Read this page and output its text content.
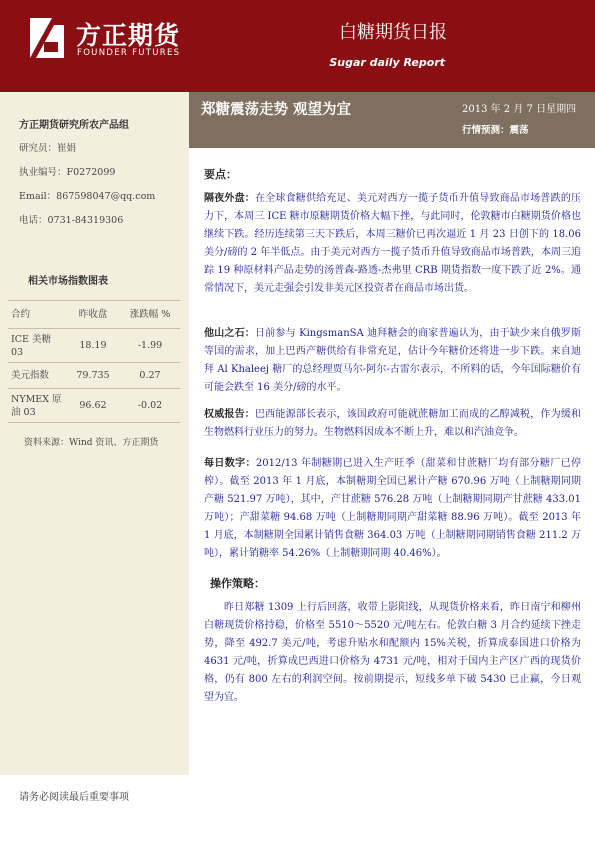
方正期货
FOUNDER FUTURES
白糖期货日报
Sugar daily Report
方正期货研究所农产品组
研究员：崔娟
执业编号：F0272099
Email：867598047@qq.com
电话：0731-84319306
相关市场指数图表
合约	昨收盘	涨跌幅 %
ICE 美糖 03	18.19	-1.99
美元指数	79.735	0.27
NYMEX 原油 03	96.62	-0.02
资料来源：Wind 资讯、方正期货
郑糖震荡走势 观望为宜	2013 年 2 月 7 日星期四
行情预测：震荡
要点：

隔夜外盘：在全球食糖供给充足、美元对西方一揽子货币升值导致商品市场普跌的压力下，本周三 ICE 糖市原糖期货价格大幅下挫，与此同时，伦敦糖市白糖期货价格也继续下跌。经历连续第三天下跌后，本周三糖价已再次逼近 1 月 23 日创下的 18.06 美分/磅的 2 年半低点。由于美元对西方一揽子货币升值导致商品市场普跌，本周三追踪 19 种原材料产品走势的汤普森-路透-杰弗里 CRB 期货指数一度下跌了近 2%。通常情况下，美元走强会引发非美元区投资者在商品市场出货。

他山之石：日前参与 KingsmanSA 迪拜糖会的商家普遍认为，由于缺少来自俄罗斯等国的需求，加上巴西产糖供给有非常充足，估计今年糖价还将进一步下跌。来自迪拜 Al Khaleej 糖厂的总经理贾马尔-阿尔-古雷尔表示，不所料的话，今年国际糖价有可能会跌至 16 美分/磅的水平。

权威报告：巴西能源部长表示，该国政府可能就蔗糖加工而成的乙醇减税，作为缓和生物燃料行业压力的努力。生物燃料因成本不断上升，难以和汽油竞争。

每日数字：2012/13 年制糖期已进入生产旺季（甜菜和甘蔗糖厂均有部分糖厂已停榨）。截至 2013 年 1 月底，本制糖期全国已累计产糖 670.96 万吨（上制糖期同期产糖 521.97 万吨），其中，产甘蔗糖 576.28 万吨（上制糖期同期产甘蔗糖 433.01 万吨）；产甜菜糖 94.68 万吨（上制糖期同期产甜菜糖 88.96 万吨）。截至 2013 年 1 月底，本制糖期全国累计销售食糖 364.03 万吨（上制糖期同期销售食糖 211.2 万吨），累计销糖率 54.26%（上制糖期同期 40.46%）。

操作策略：

昨日郑糖 1309 上行后回落，收带上影阳线，从现货价格来看，昨日南宁和柳州白糖现货价格持稳，价格至 5510～5520 元/吨左右。伦敦白糖 3 月合约延续下挫走势，降至 492.7 美元/吨，考虑升贴水和配额内 15%关税，折算成泰国进口价格为 4631 元/吨，折算成巴西进口价格为 4731 元/吨，相对于国内主产区广西的现货价格，仍有 800 左右的利润空间。按前期提示，短线多单下破 5430 已止赢，今日观望为宜。

请务必阅读最后重要事项
